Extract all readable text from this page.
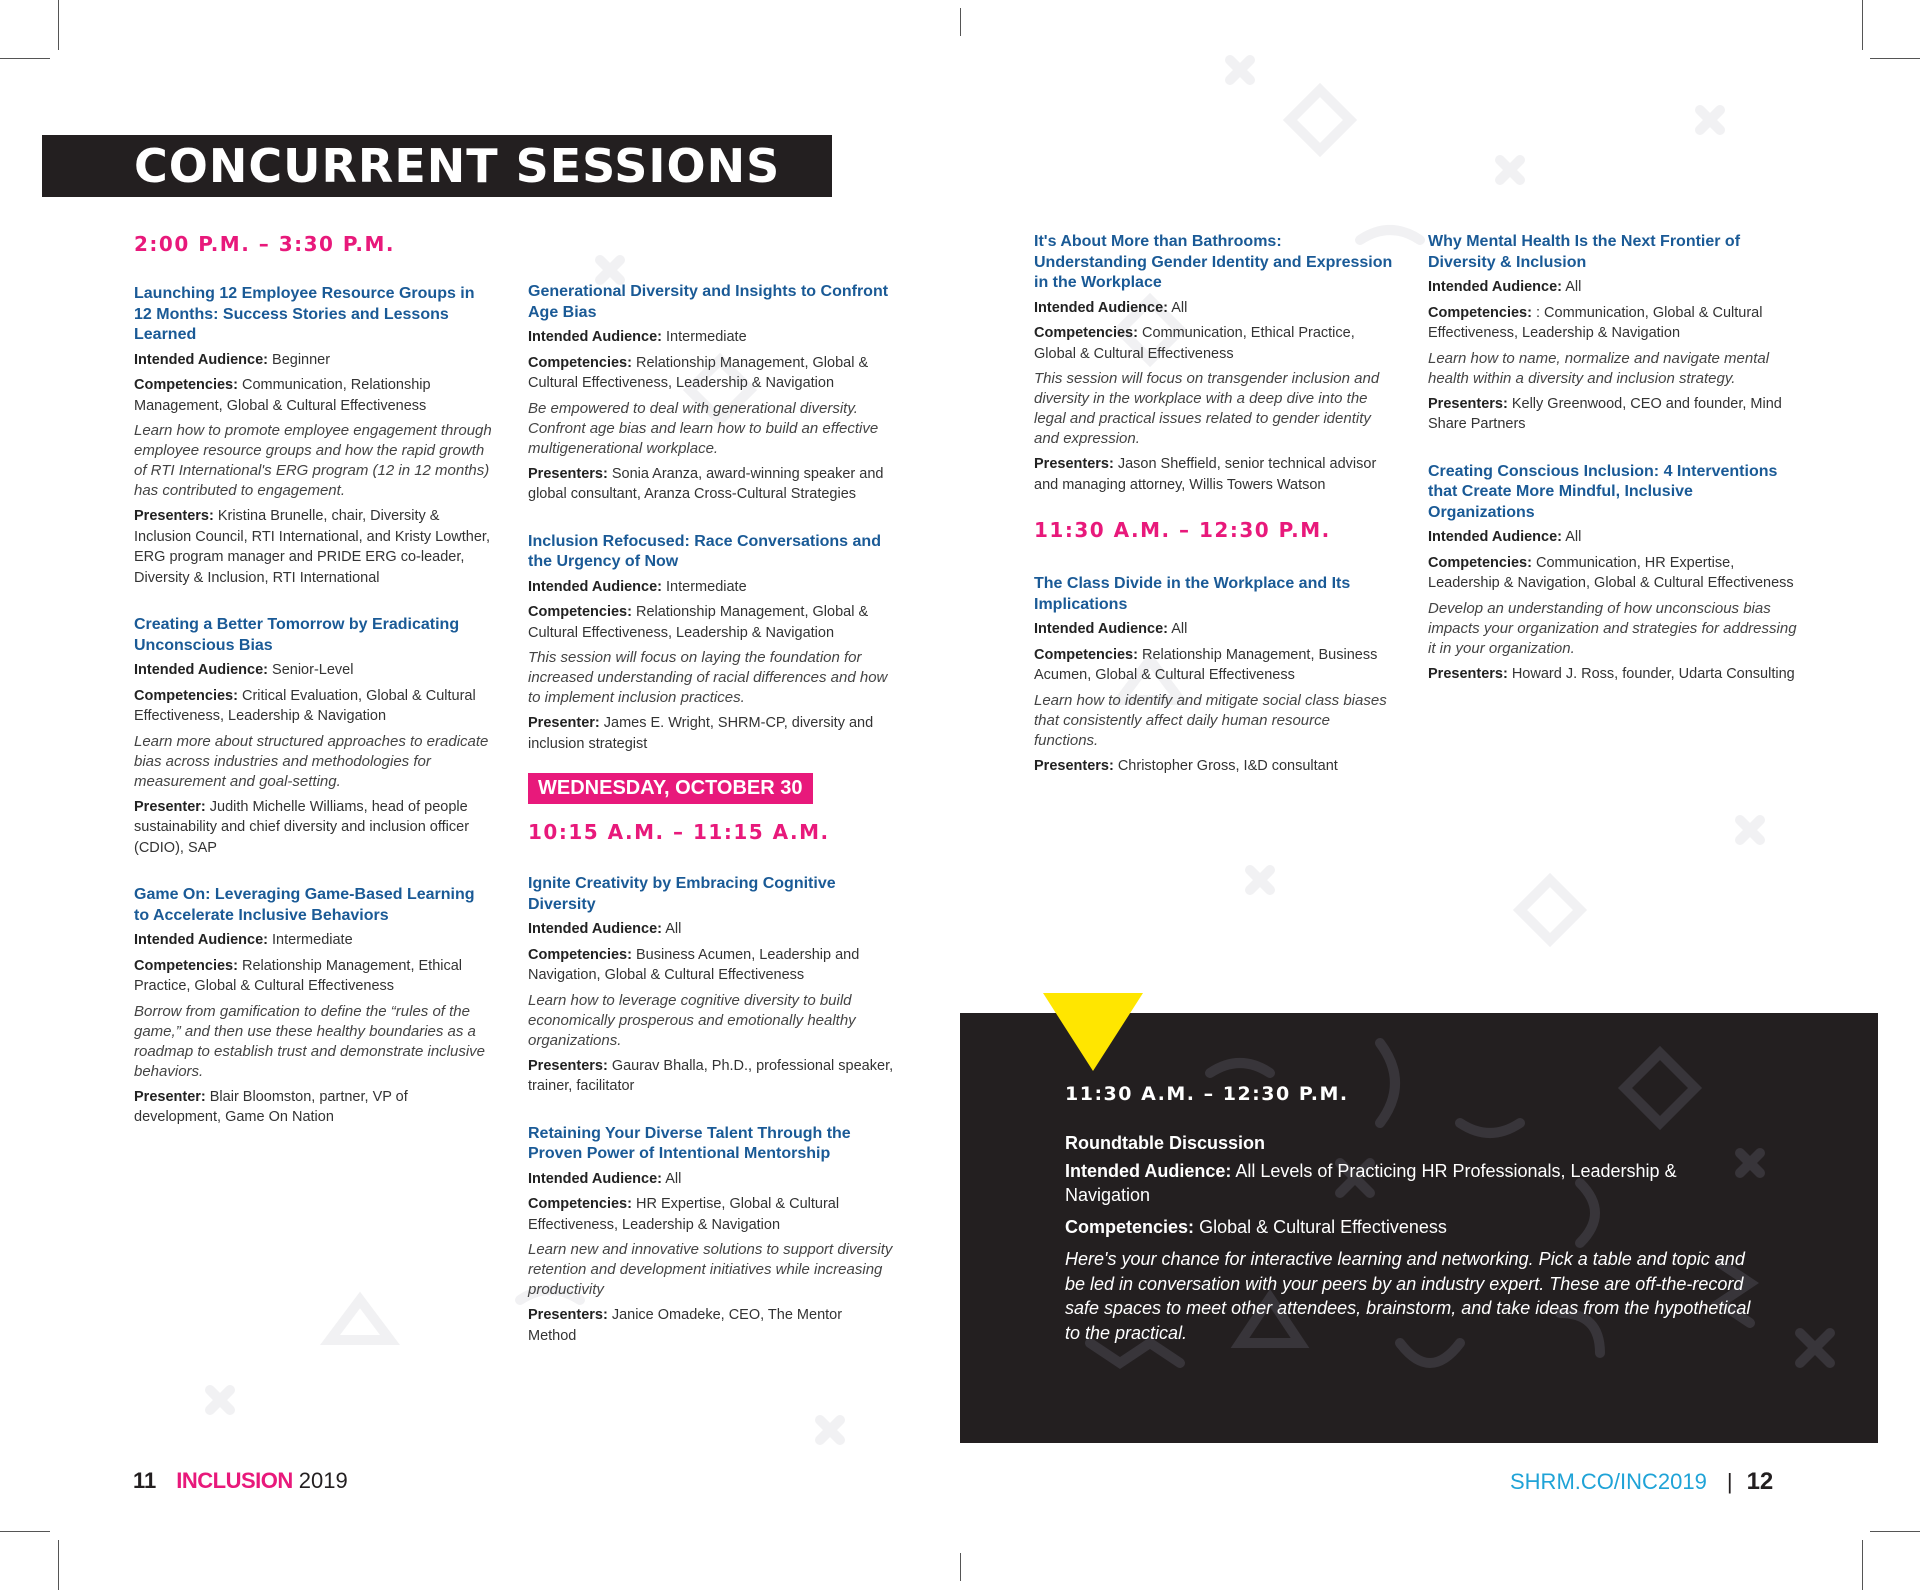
CONCURRENT SESSIONS
2:00 P.M. – 3:30 P.M.
Launching 12 Employee Resource Groups in 12 Months: Success Stories and Lessons Learned
Intended Audience: Beginner
Competencies: Communication, Relationship Management, Global & Cultural Effectiveness
Learn how to promote employee engagement through employee resource groups and how the rapid growth of RTI International's ERG program (12 in 12 months) has contributed to engagement.
Presenters: Kristina Brunelle, chair, Diversity & Inclusion Council, RTI International, and Kristy Lowther, ERG program manager and PRIDE ERG co-leader, Diversity & Inclusion, RTI International
Creating a Better Tomorrow by Eradicating Unconscious Bias
Intended Audience: Senior-Level
Competencies: Critical Evaluation, Global & Cultural Effectiveness, Leadership & Navigation
Learn more about structured approaches to eradicate bias across industries and methodologies for measurement and goal-setting.
Presenter: Judith Michelle Williams, head of people sustainability and chief diversity and inclusion officer (CDIO), SAP
Game On: Leveraging Game-Based Learning to Accelerate Inclusive Behaviors
Intended Audience: Intermediate
Competencies: Relationship Management, Ethical Practice, Global & Cultural Effectiveness
Borrow from gamification to define the “rules of the game,” and then use these healthy boundaries as a roadmap to establish trust and demonstrate inclusive behaviors.
Presenter: Blair Bloomston, partner, VP of development, Game On Nation
Generational Diversity and Insights to Confront Age Bias
Intended Audience: Intermediate
Competencies: Relationship Management, Global & Cultural Effectiveness, Leadership & Navigation
Be empowered to deal with generational diversity. Confront age bias and learn how to build an effective multigenerational workplace.
Presenters: Sonia Aranza, award-winning speaker and global consultant, Aranza Cross-Cultural Strategies
Inclusion Refocused: Race Conversations and the Urgency of Now
Intended Audience: Intermediate
Competencies: Relationship Management, Global & Cultural Effectiveness, Leadership & Navigation
This session will focus on laying the foundation for increased understanding of racial differences and how to implement inclusion practices.
Presenter: James E. Wright, SHRM-CP, diversity and inclusion strategist
WEDNESDAY, OCTOBER 30
10:15 A.M. – 11:15 A.M.
Ignite Creativity by Embracing Cognitive Diversity
Intended Audience: All
Competencies: Business Acumen, Leadership and Navigation, Global & Cultural Effectiveness
Learn how to leverage cognitive diversity to build economically prosperous and emotionally healthy organizations.
Presenters: Gaurav Bhalla, Ph.D., professional speaker, trainer, facilitator
Retaining Your Diverse Talent Through the Proven Power of Intentional Mentorship
Intended Audience: All
Competencies: HR Expertise, Global & Cultural Effectiveness, Leadership & Navigation
Learn new and innovative solutions to support diversity retention and development initiatives while increasing productivity
Presenters: Janice Omadeke, CEO, The Mentor Method
It's About More than Bathrooms: Understanding Gender Identity and Expression in the Workplace
Intended Audience: All
Competencies: Communication, Ethical Practice, Global & Cultural Effectiveness
This session will focus on transgender inclusion and diversity in the workplace with a deep dive into the legal and practical issues related to gender identity and expression.
Presenters: Jason Sheffield, senior technical advisor and managing attorney, Willis Towers Watson
11:30 A.M. – 12:30 P.M.
The Class Divide in the Workplace and Its Implications
Intended Audience: All
Competencies: Relationship Management, Business Acumen, Global & Cultural Effectiveness
Learn how to identify and mitigate social class biases that consistently affect daily human resource functions.
Presenters: Christopher Gross, I&D consultant
Why Mental Health Is the Next Frontier of Diversity & Inclusion
Intended Audience: All
Competencies: : Communication, Global & Cultural Effectiveness, Leadership & Navigation
Learn how to name, normalize and navigate mental health within a diversity and inclusion strategy.
Presenters: Kelly Greenwood, CEO and founder, Mind Share Partners
Creating Conscious Inclusion: 4 Interventions that Create More Mindful, Inclusive Organizations
Intended Audience: All
Competencies: Communication, HR Expertise, Leadership & Navigation, Global & Cultural Effectiveness
Develop an understanding of how unconscious bias impacts your organization and strategies for addressing it in your organization.
Presenters: Howard J. Ross, founder, Udarta Consulting
11:30 A.M. – 12:30 P.M.
Roundtable Discussion
Intended Audience: All Levels of Practicing HR Professionals, Leadership & Navigation
Competencies: Global & Cultural Effectiveness
Here's your chance for interactive learning and networking. Pick a table and topic and be led in conversation with your peers by an industry expert. These are off-the-record safe spaces to meet other attendees, brainstorm, and take ideas from the hypothetical to the practical.
11 INCLUSION 2019	SHRM.CO/INC2019 | 12
